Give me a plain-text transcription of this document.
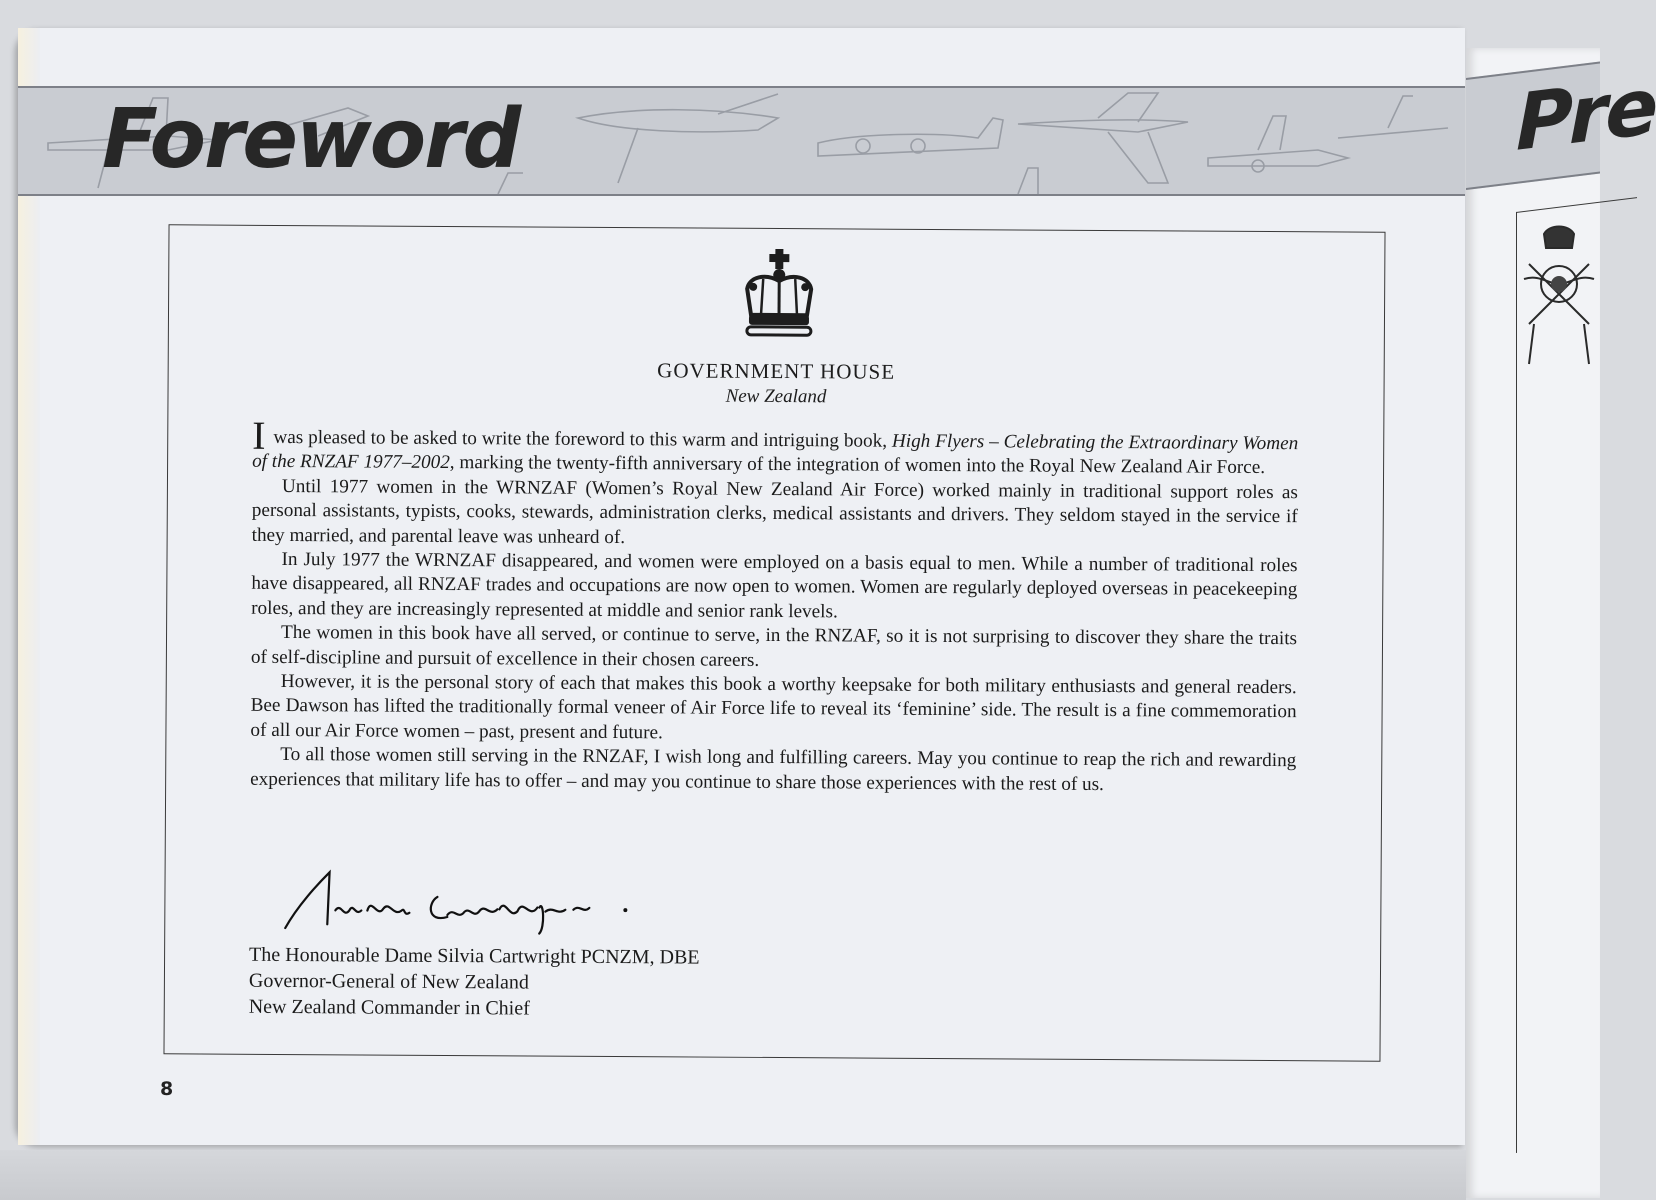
Foreword
GOVERNMENT HOUSE
New Zealand

I was pleased to be asked to write the foreword to this warm and intriguing book, High Flyers – Celebrating the Extraordinary Women of the RNZAF 1977–2002, marking the twenty-fifth anniversary of the integration of women into the Royal New Zealand Air Force.

Until 1977 women in the WRNZAF (Women’s Royal New Zealand Air Force) worked mainly in traditional support roles as personal assistants, typists, cooks, stewards, administration clerks, medical assistants and drivers. They seldom stayed in the service if they married, and parental leave was unheard of.

In July 1977 the WRNZAF disappeared, and women were employed on a basis equal to men. While a number of traditional roles have disappeared, all RNZAF trades and occupations are now open to women. Women are regularly deployed overseas in peacekeeping roles, and they are increasingly represented at middle and senior rank levels.

The women in this book have all served, or continue to serve, in the RNZAF, so it is not surprising to discover they share the traits of self-discipline and pursuit of excellence in their chosen careers.

However, it is the personal story of each that makes this book a worthy keepsake for both military enthusiasts and general readers. Bee Dawson has lifted the traditionally formal veneer of Air Force life to reveal its ‘feminine’ side. The result is a fine commemoration of all our Air Force women – past, present and future.

To all those women still serving in the RNZAF, I wish long and fulfilling careers. May you continue to reap the rich and rewarding experiences that military life has to offer – and may you continue to share those experiences with the rest of us.

The Honourable Dame Silvia Cartwright PCNZM, DBE
Governor-General of New Zealand
New Zealand Commander in Chief
8
Pre
